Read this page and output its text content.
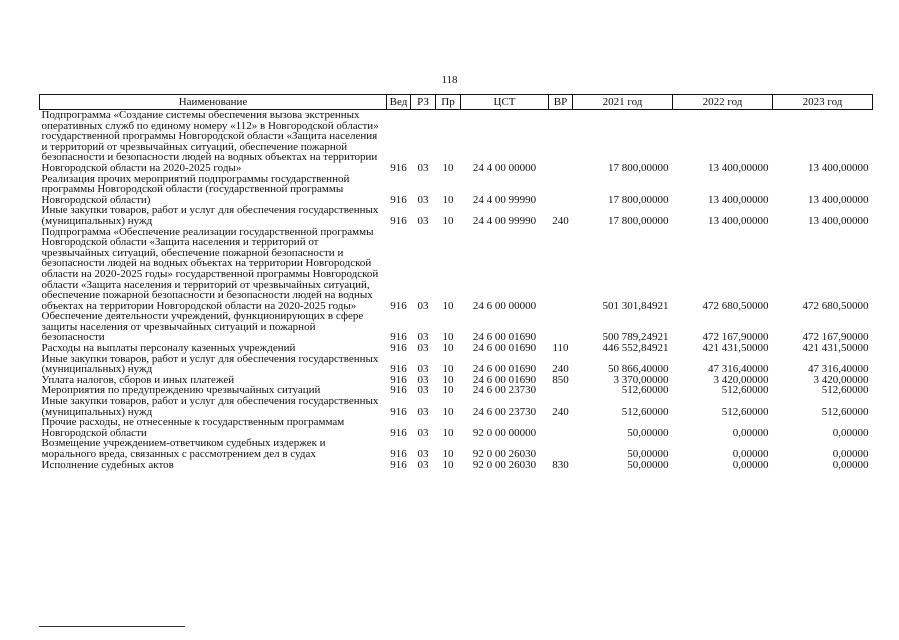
118
Наименование	Вед	РЗ	Пр	ЦСТ	ВР	2021 год	2022 год	2023 год
Подпрограмма «Создание системы обеспечения вызова экстренных оперативных служб по единому номеру «112» в Новгородской области» государственной программы Новгородской области «Защита населения и территорий от чрезвычайных ситуаций, обеспечение пожарной безопасности и безопасности людей на водных объектах на территории Новгородской области на 2020-2025 годы»	916	03	10	24 4 00 00000		17 800,00000	13 400,00000	13 400,00000
Реализация прочих мероприятий подпрограммы государственной программы Новгородской области (государственной программы Новгородской области)	916	03	10	24 4 00 99990		17 800,00000	13 400,00000	13 400,00000
Иные закупки товаров, работ и услуг для обеспечения государственных (муниципальных) нужд	916	03	10	24 4 00 99990	240	17 800,00000	13 400,00000	13 400,00000
Подпрограмма «Обеспечение реализации государственной программы Новгородской области «Защита населения и территорий от чрезвычайных ситуаций, обеспечение пожарной безопасности и безопасности людей на водных объектах на территории Новгородской области на 2020-2025 годы» государственной программы Новгородской области «Защита населения и территорий от чрезвычайных ситуаций, обеспечение пожарной безопасности и безопасности людей на водных объектах на территории Новгородской области на 2020-2025 годы»	916	03	10	24 6 00 00000		501 301,84921	472 680,50000	472 680,50000
Обеспечение деятельности учреждений, функционирующих в сфере защиты населения от чрезвычайных ситуаций и пожарной безопасности	916	03	10	24 6 00 01690		500 789,24921	472 167,90000	472 167,90000
Расходы на выплаты персоналу казенных учреждений	916	03	10	24 6 00 01690	110	446 552,84921	421 431,50000	421 431,50000
Иные закупки товаров, работ и услуг для обеспечения государственных (муниципальных) нужд	916	03	10	24 6 00 01690	240	50 866,40000	47 316,40000	47 316,40000
Уплата налогов, сборов и иных платежей	916	03	10	24 6 00 01690	850	3 370,00000	3 420,00000	3 420,00000
Мероприятия по предупреждению чрезвычайных ситуаций	916	03	10	24 6 00 23730		512,60000	512,60000	512,60000
Иные закупки товаров, работ и услуг для обеспечения государственных (муниципальных) нужд	916	03	10	24 6 00 23730	240	512,60000	512,60000	512,60000
Прочие расходы, не отнесенные к государственным программам Новгородской области	916	03	10	92 0 00 00000		50,00000	0,00000	0,00000
Возмещение учреждением-ответчиком судебных издержек и морального вреда, связанных с рассмотрением дел в судах	916	03	10	92 0 00 26030		50,00000	0,00000	0,00000
Исполнение судебных актов	916	03	10	92 0 00 26030	830	50,00000	0,00000	0,00000
